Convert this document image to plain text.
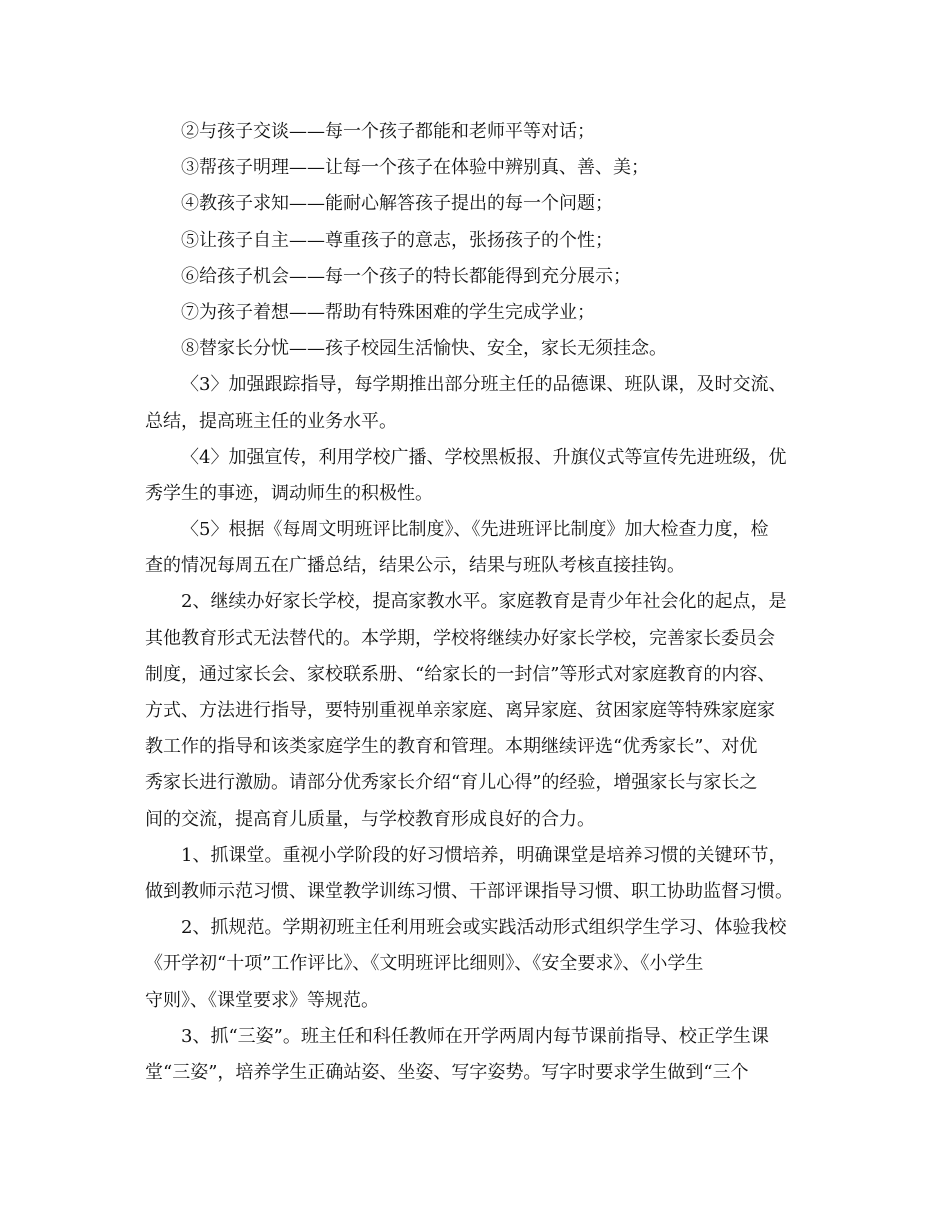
②与孩子交谈——每一个孩子都能和老师平等对话；
③帮孩子明理——让每一个孩子在体验中辨别真、善、美；
④教孩子求知——能耐心解答孩子提出的每一个问题；
⑤让孩子自主——尊重孩子的意志，张扬孩子的个性；
⑥给孩子机会——每一个孩子的特长都能得到充分展示；
⑦为孩子着想——帮助有特殊困难的学生完成学业；
⑧替家长分忧——孩子校园生活愉快、安全，家长无须挂念。
〈3〉加强跟踪指导，每学期推出部分班主任的品德课、班队课，及时交流、
总结，提高班主任的业务水平。
〈4〉加强宣传，利用学校广播、学校黑板报、升旗仪式等宣传先进班级，优
秀学生的事迹，调动师生的积极性。
〈5〉根据《每周文明班评比制度》、《先进班评比制度》加大检查力度，检
查的情况每周五在广播总结，结果公示，结果与班队考核直接挂钩。
2、继续办好家长学校，提高家教水平。家庭教育是青少年社会化的起点，是
其他教育形式无法替代的。本学期，学校将继续办好家长学校，完善家长委员会
制度，通过家长会、家校联系册、“给家长的一封信”等形式对家庭教育的内容、
方式、方法进行指导，要特别重视单亲家庭、离异家庭、贫困家庭等特殊家庭家
教工作的指导和该类家庭学生的教育和管理。本期继续评选“优秀家长”、对优
秀家长进行激励。请部分优秀家长介绍“育儿心得”的经验，增强家长与家长之
间的交流，提高育儿质量，与学校教育形成良好的合力。
1、抓课堂。重视小学阶段的好习惯培养，明确课堂是培养习惯的关键环节，
做到教师示范习惯、课堂教学训练习惯、干部评课指导习惯、职工协助监督习惯。
2、抓规范。学期初班主任利用班会或实践活动形式组织学生学习、体验我校
《开学初“十项”工作评比》、《文明班评比细则》、《安全要求》、《小学生
守则》、《课堂要求》等规范。
3、抓“三姿”。班主任和科任教师在开学两周内每节课前指导、校正学生课
堂“三姿”，培养学生正确站姿、坐姿、写字姿势。写字时要求学生做到“三个
